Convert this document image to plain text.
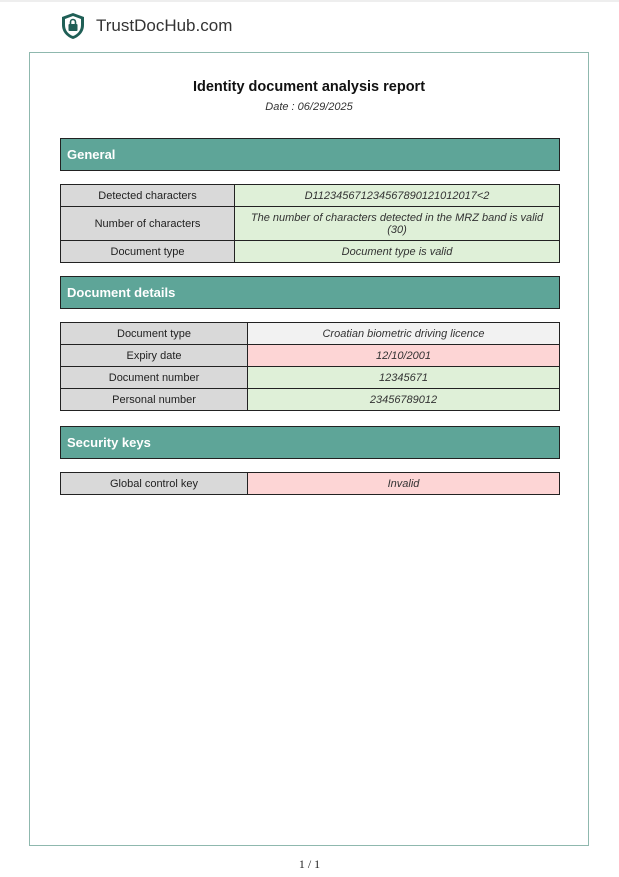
TrustDocHub.com
Identity document analysis report
Date : 06/29/2025
General
Detected characters	D1123456712345678901210120​17<2
Number of characters	The number of characters detected in the MRZ band is valid (30)
Document type	Document type is valid
Document details
Document type	Croatian biometric driving licence
Expiry date	12/10/2001
Document number	12345671
Personal number	23456789012
Security keys
Global control key	Invalid
1 / 1
